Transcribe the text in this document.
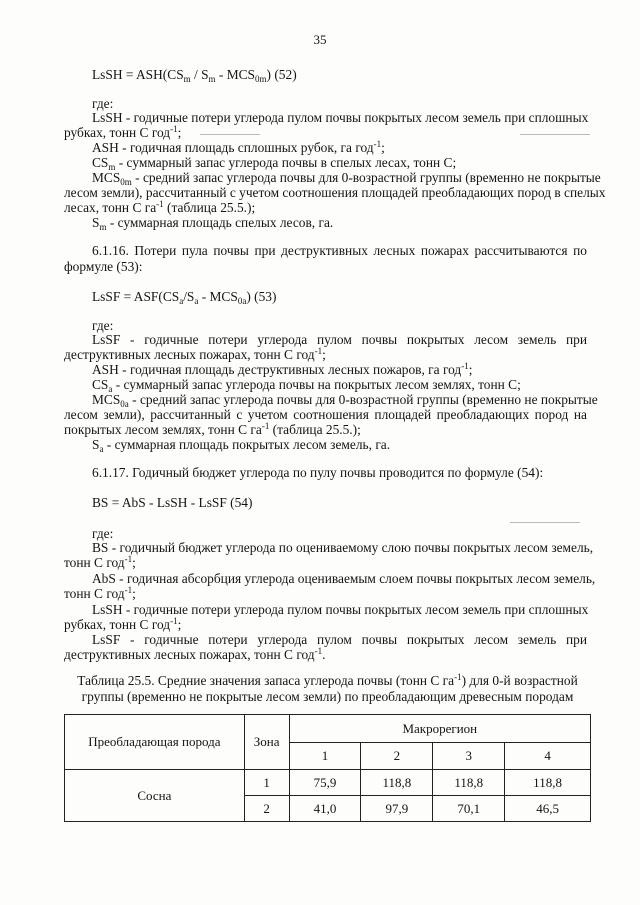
35
LsSH = $ASH(CS_m / S_m - MCS_{0m})$ (52)
где:
LsSH - годичные потери углерода пулом почвы покрытых лесом земель при сплошных
рубках, тонн С год$^{-1}$;
ASH - годичная площадь сплошных рубок, га год$^{-1}$;
$CS_m$ - суммарный запас углерода почвы в спелых лесах, тонн С;
$MCS_{0m}$ - средний запас углерода почвы для 0-возрастной группы (временно не покрытые
лесом земли), рассчитанный с учетом соотношения площадей преобладающих пород в спелых
лесах, тонн С $га^{-1}$ (таблица 25.5.);
$S_m$ - суммарная площадь спелых лесов, га.
6.1.16. Потери пула почвы при деструктивных лесных пожарах рассчитываются по
формуле (53):
LsSF = $ASF(CS_a/S_a - MCS_{0a})$ (53)
где:
LsSF - годичные потери углерода пулом почвы покрытых лесом земель при
деструктивных лесных пожарах, тонн С год$^{-1}$;
ASH - годичная площадь деструктивных лесных пожаров, га год$^{-1}$;
$CS_a$ - суммарный запас углерода почвы на покрытых лесом землях, тонн С;
$MCS_{0a}$ - средний запас углерода почвы для 0-возрастной группы (временно не покрытые
лесом земли), рассчитанный с учетом соотношения площадей преобладающих пород на
покрытых лесом землях, тонн С $га^{-1}$ (таблица 25.5.);
$S_a$ - суммарная площадь покрытых лесом земель, га.
6.1.17. Годичный бюджет углерода по пулу почвы проводится по формуле (54):
BS = AbS - LsSH - LsSF (54)
где:
BS - годичный бюджет углерода по оцениваемому слою почвы покрытых лесом земель,
тонн С год$^{-1}$;
AbS - годичная абсорбция углерода оцениваемым слоем почвы покрытых лесом земель,
тонн С год$^{-1}$;
LsSH - годичные потери углерода пулом почвы покрытых лесом земель при сплошных
рубках, тонн С год$^{-1}$;
LsSF - годичные потери углерода пулом почвы покрытых лесом земель при
деструктивных лесных пожарах, тонн С год$^{-1}$.
Таблица 25.5. Средние значения запаса углерода почвы (тонн С $га^{-1}$) для 0-й возрастной
группы (временно не покрытые лесом земли) по преобладающим древесным породам
Преобладающая порода	Зона	Макрорегион			
		1	2	3	4
Сосна	1	75,9	118,8	118,8	118,8
	2	41,0	97,9	70,1	46,5
